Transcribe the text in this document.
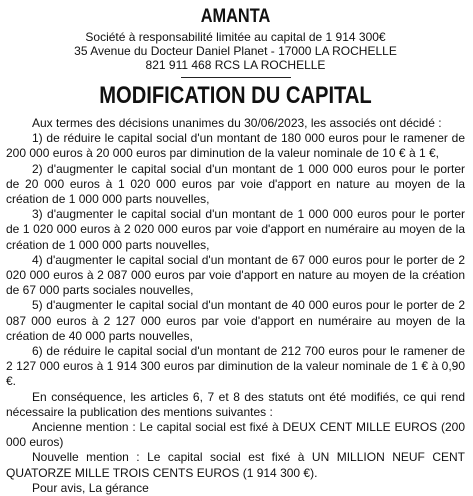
AMANTA

Société à responsabilité limitée au capital de 1 914 300€

35 Avenue du Docteur Daniel Planet - 17000 LA ROCHELLE

821 911 468 RCS LA ROCHELLE

MODIFICATION DU CAPITAL

Aux termes des décisions unanimes du 30/06/2023, les associés ont décidé :

1) de réduire le capital social d'un montant de 180 000 euros pour le ramener de 200 000 euros à 20 000 euros par diminution de la valeur nominale de 10 € à 1 €,

2) d'augmenter le capital social d'un montant de 1 000 000 euros pour le porter de 20 000 euros à 1 020 000 euros par voie d'apport en nature au moyen de la création de 1 000 000 parts nouvelles,

3) d'augmenter le capital social d'un montant de 1 000 000 euros pour le porter de 1 020 000 euros à 2 020 000 euros par voie d'apport en numéraire au moyen de la création de 1 000 000 parts nouvelles,

4) d'augmenter le capital social d'un montant de 67 000 euros pour le porter de 2 020 000 euros à 2 087 000 euros par voie d'apport en nature au moyen de la création de 67 000 parts sociales nouvelles,

5) d'augmenter le capital social d'un montant de 40 000 euros pour le porter de 2 087 000 euros à 2 127 000 euros par voie d'apport en numéraire au moyen de la création de 40 000 parts nouvelles,

6) de réduire le capital social d'un montant de 212 700 euros pour le ramener de 2 127 000 euros à 1 914 300 euros par diminution de la valeur nominale de 1 € à 0,90 €.

En conséquence, les articles 6, 7 et 8 des statuts ont été modifiés, ce qui rend nécessaire la publication des mentions suivantes :

Ancienne mention : Le capital social est fixé à DEUX CENT MILLE EUROS (200 000 euros)

Nouvelle mention : Le capital social est fixé à UN MILLION NEUF CENT QUATORZE MILLE TROIS CENTS EUROS (1 914 300 €).

Pour avis, La gérance
